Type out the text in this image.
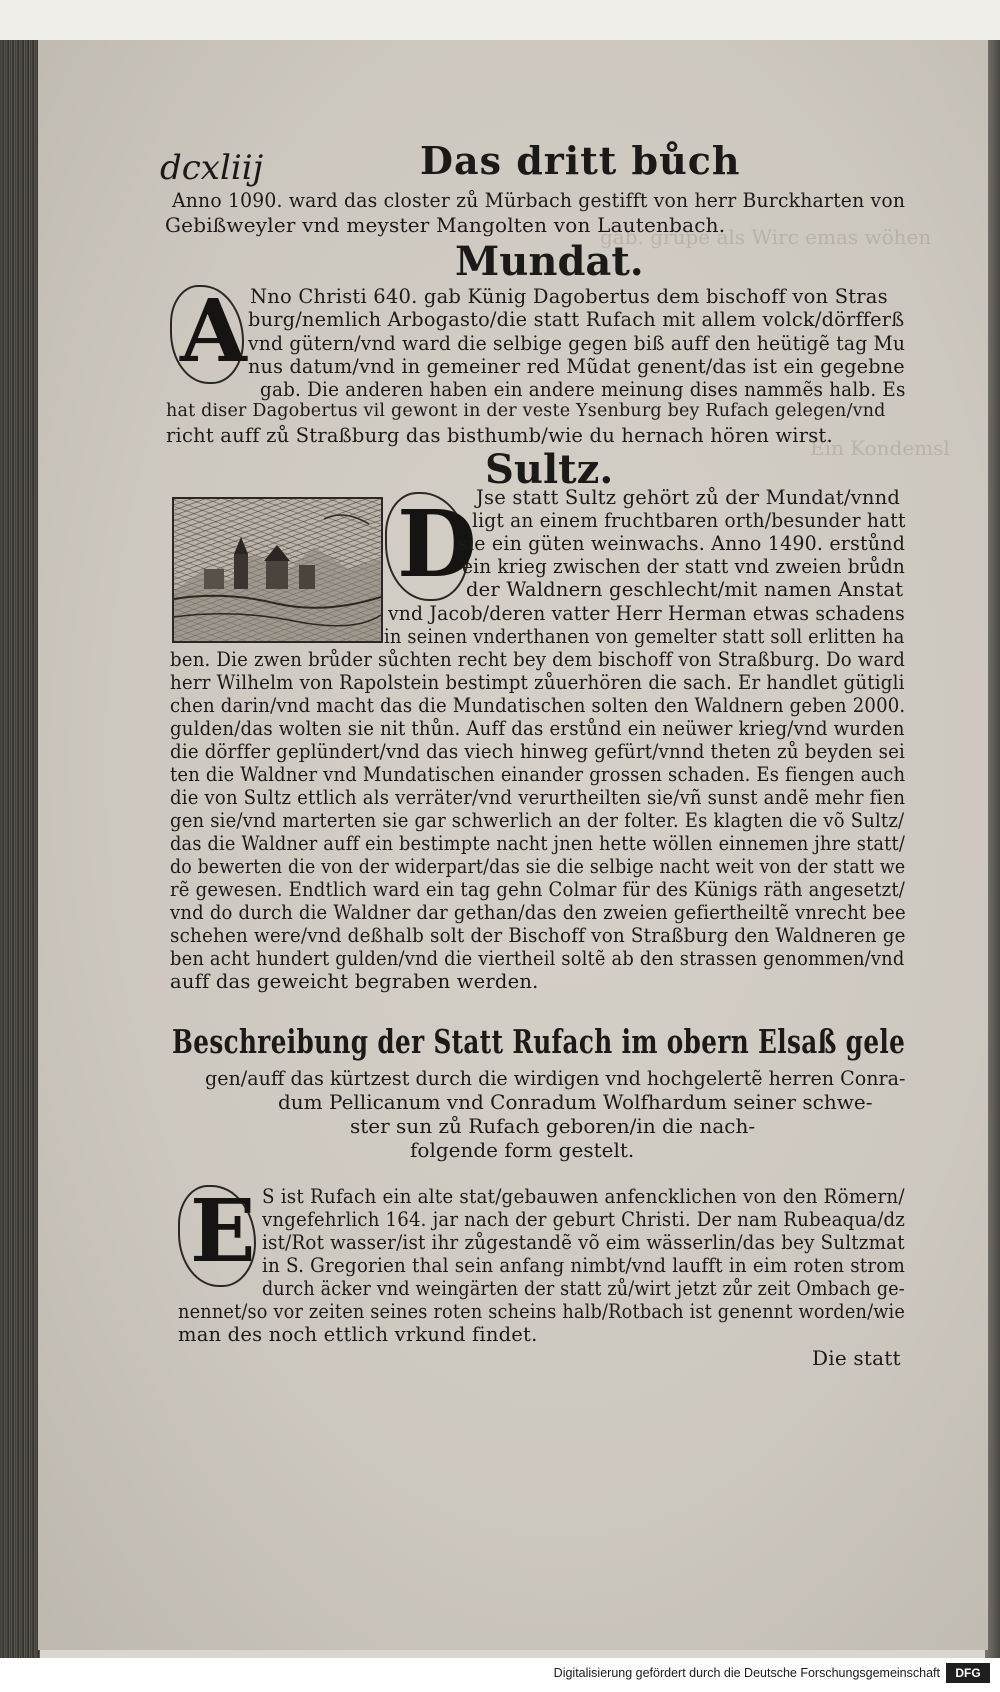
gab. grupe als Wirc emas wöhen
Ein Kondemsl
dcxliij	Das dritt bůch
Anno 1090. ward das closter zů Mürbach gestifft von herr Burckharten von
Gebißweyler vnd meyster Mangolten von Lautenbach.
Mundat.
A Nno Christi 640. gab Künig Dagobertus dem bischoff von Stras
burg/nemlich Arbogasto/die statt Rufach mit allem volck/dörfferß
vnd gütern/vnd ward die selbige gegen biß auff den heütigẽ tag Mu
nus datum/vnd in gemeiner red Mũdat genent/das ist ein gegebne
gab. Die anderen haben ein andere meinung dises nammẽs halb. Es
hat diser Dagobertus vil gewont in der veste Ysenburg bey Rufach gelegen/vnd
richt auff zů Straßburg das bisthumb/wie du hernach hören wirst.
Sultz.
D Jse statt Sultz gehört zů der Mundat/vnnd
ligt an einem fruchtbaren orth/besunder hatt
sie ein güten weinwachs. Anno 1490. erstůnd
ein krieg zwischen der statt vnd zweien brůdn
der Waldnern geschlecht/mit namen Anstat
vnd Jacob/deren vatter Herr Herman etwas schadens
in seinen vnderthanen von gemelter statt soll erlitten ha
ben. Die zwen brůder sůchten recht bey dem bischoff von Straßburg. Do ward
herr Wilhelm von Rapolstein bestimpt zůuerhören die sach. Er handlet gütigli
chen darin/vnd macht das die Mundatischen solten den Waldnern geben 2000.
gulden/das wolten sie nit thůn. Auff das erstůnd ein neüwer krieg/vnd wurden
die dörffer geplündert/vnd das viech hinweg gefürt/vnnd theten zů beyden sei
ten die Waldner vnd Mundatischen einander grossen schaden. Es fiengen auch
die von Sultz ettlich als verräter/vnd verurtheilten sie/vñ sunst andẽ mehr fien
gen sie/vnd marterten sie gar schwerlich an der folter. Es klagten die võ Sultz/
das die Waldner auff ein bestimpte nacht jnen hette wöllen einnemen jhre statt/
do bewerten die von der widerpart/das sie die selbige nacht weit von der statt we
rẽ gewesen. Endtlich ward ein tag gehn Colmar für des Künigs räth angesetzt/
vnd do durch die Waldner dar gethan/das den zweien gefiertheiltẽ vnrecht bee
schehen were/vnd deßhalb solt der Bischoff von Straßburg den Waldneren ge
ben acht hundert gulden/vnd die viertheil soltẽ ab den strassen genommen/vnd
auff das geweicht begraben werden.
Beschreibung der Statt Rufach im obern Elsaß gele
gen/auff das kürtzest durch die wirdigen vnd hochgelertẽ herren Conra-
dum Pellicanum vnd Conradum Wolfhardum seiner schwe-
ster sun zů Rufach geboren/in die nach-
folgende form gestelt.
E S ist Rufach ein alte stat/gebauwen anfencklichen von den Römern/
vngefehrlich 164. jar nach der geburt Christi. Der nam Rubeaqua/dz
ist/Rot wasser/ist ihr zůgestandẽ võ eim wässerlin/das bey Sultzmat
in S. Gregorien thal sein anfang nimbt/vnd laufft in eim roten strom
durch äcker vnd weingärten der statt zů/wirt jetzt zůr zeit Ombach ge-
nennet/so vor zeiten seines roten scheins halb/Rotbach ist genennt worden/wie
man des noch ettlich vrkund findet.
Die statt
Digitalisierung gefördert durch die Deutsche Forschungsgemeinschaft	DFG
